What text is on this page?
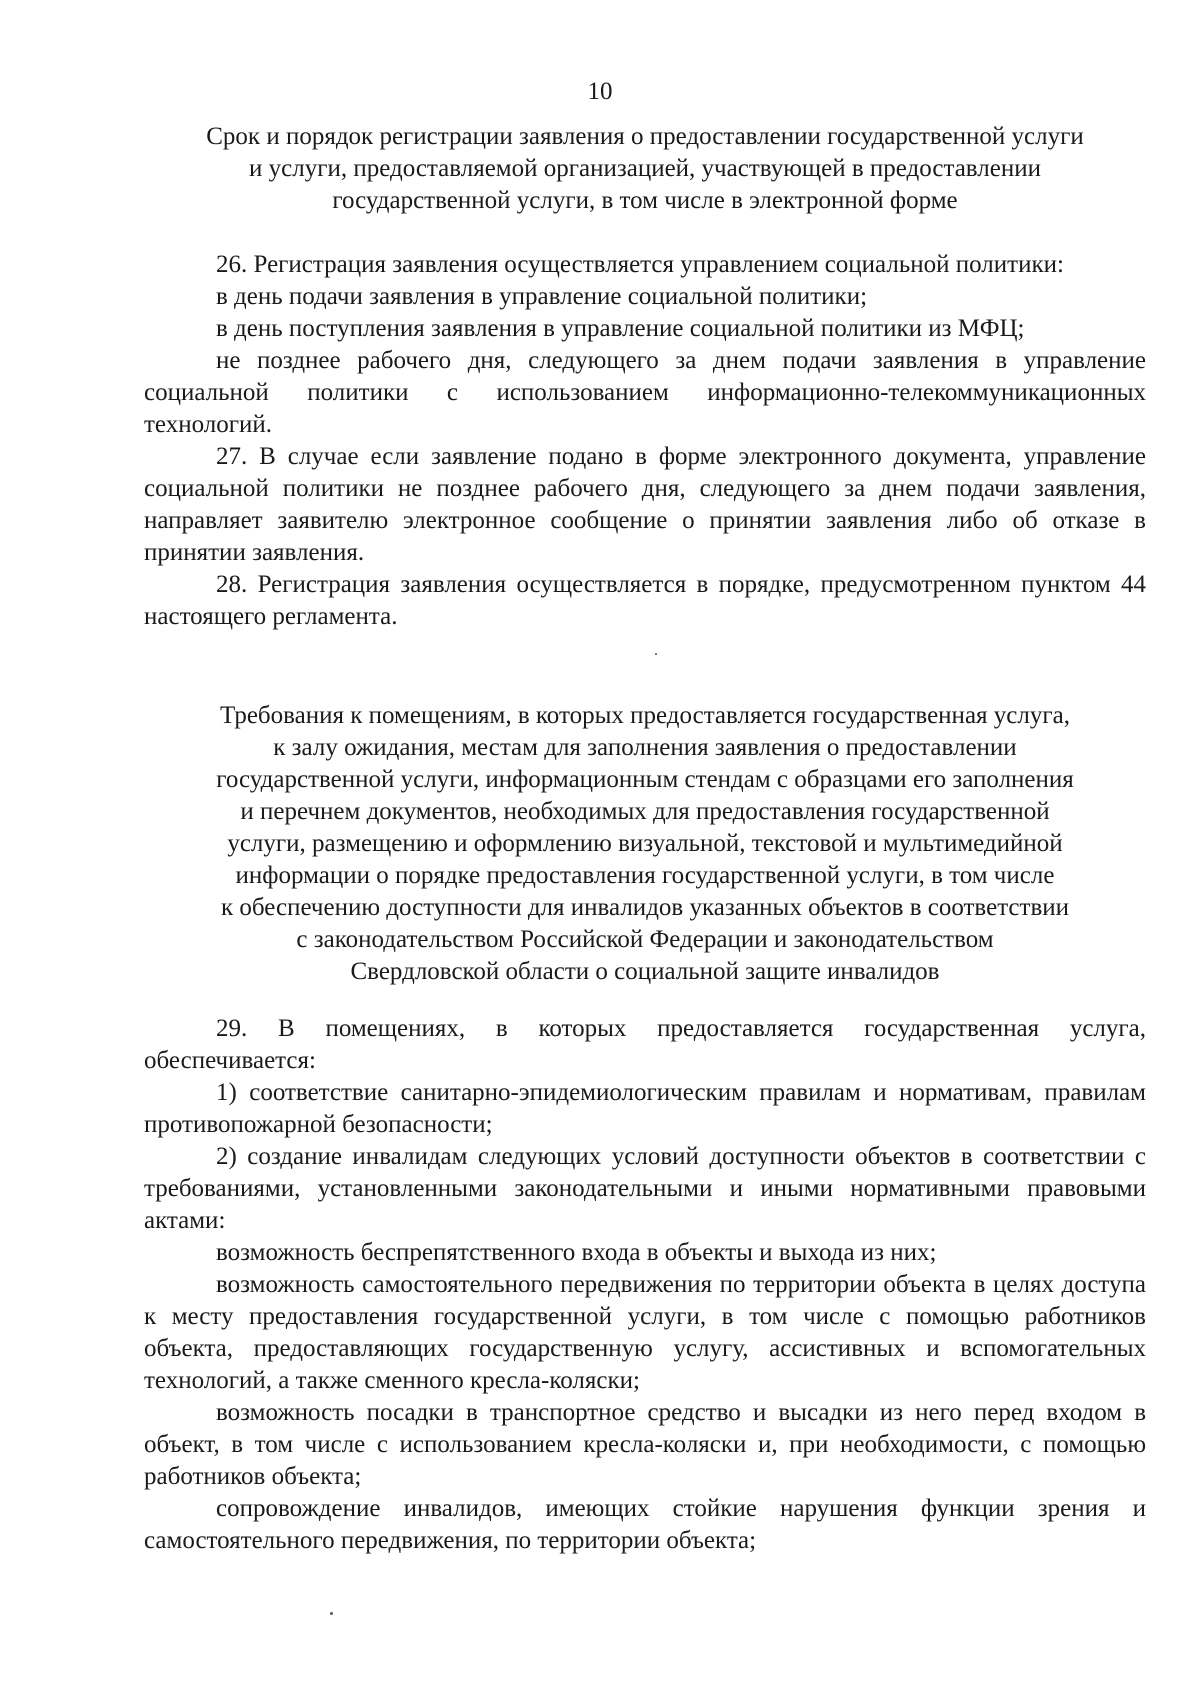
10
Срок и порядок регистрации заявления о предоставлении государственной услуги
и услуги, предоставляемой организацией, участвующей в предоставлении
государственной услуги, в том числе в электронной форме

26. Регистрация заявления осуществляется управлением социальной политики:

в день подачи заявления в управление социальной политики;

в день поступления заявления в управление социальной политики из МФЦ;

не позднее рабочего дня, следующего за днем подачи заявления в управление социальной политики с использованием информационно-телекоммуникационных технологий.

27. В случае если заявление подано в форме электронного документа, управление социальной политики не позднее рабочего дня, следующего за днем подачи заявления, направляет заявителю электронное сообщение о принятии заявления либо об отказе в принятии заявления.

28. Регистрация заявления осуществляется в порядке, предусмотренном пунктом 44 настоящего регламента.

Требования к помещениям, в которых предоставляется государственная услуга,
к залу ожидания, местам для заполнения заявления о предоставлении
государственной услуги, информационным стендам с образцами его заполнения
и перечнем документов, необходимых для предоставления государственной
услуги, размещению и оформлению визуальной, текстовой и мультимедийной
информации о порядке предоставления государственной услуги, в том числе
к обеспечению доступности для инвалидов указанных объектов в соответствии
с законодательством Российской Федерации и законодательством
Свердловской области о социальной защите инвалидов

29. В помещениях, в которых предоставляется государственная услуга, обеспечивается:

1) соответствие санитарно-эпидемиологическим правилам и нормативам, правилам противопожарной безопасности;

2) создание инвалидам следующих условий доступности объектов в соответствии с требованиями, установленными законодательными и иными нормативными правовыми актами:

возможность беспрепятственного входа в объекты и выхода из них;

возможность самостоятельного передвижения по территории объекта в целях доступа к месту предоставления государственной услуги, в том числе с помощью работников объекта, предоставляющих государственную услугу, ассистивных и вспомогательных технологий, а также сменного кресла-коляски;

возможность посадки в транспортное средство и высадки из него перед входом в объект, в том числе с использованием кресла-коляски и, при необходимости, с помощью работников объекта;

сопровождение инвалидов, имеющих стойкие нарушения функции зрения и самостоятельного передвижения, по территории объекта;
